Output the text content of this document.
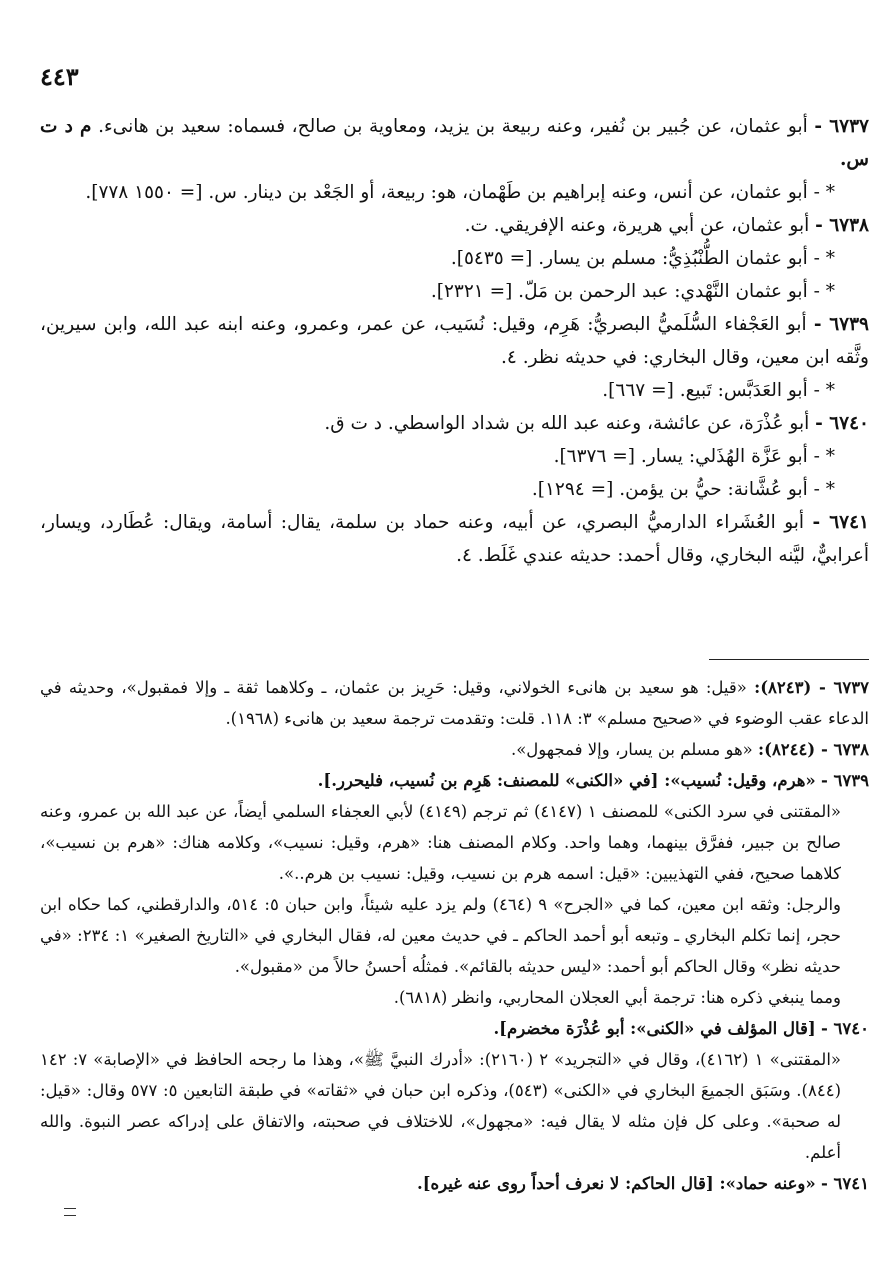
٤٤٣

٦٧٣٧ - أبو عثمان، عن جُبير بن نُفير، وعنه ربيعة بن يزيد، ومعاوية بن صالح، فسماه: سعيد بن هانىء. م د ت س.

* - أبو عثمان، عن أنس، وعنه إبراهيم بن طَهْمان، هو: ربيعة، أو الجَعْد بن دينار. س. [= ١٥٥٠ ٧٧٨].

٦٧٣٨ - أبو عثمان، عن أبي هريرة، وعنه الإفريقي. ت.

* - أبو عثمان الطُّنْبُذِيُّ: مسلم بن يسار. [= ٥٤٣٥].

* - أبو عثمان النَّهْدي: عبد الرحمن بن مَلّ. [= ٢٣٢١].

٦٧٣٩ - أبو العَجْفاء السُّلَميُّ البصريُّ: هَرِم، وقيل: نُسَيب، عن عمر، وعمرو، وعنه ابنه عبد الله، وابن سيرين، وثَّقه ابن معين، وقال البخاري: في حديثه نظر. ٤.

* - أبو العَدَبَّس: تَبيع. [= ٦٦٧].

٦٧٤٠ - أبو عُذْرَة، عن عائشة، وعنه عبد الله بن شداد الواسطي. د ت ق.

* - أبو عَزَّة الهُذَلي: يسار. [= ٦٣٧٦].

* - أبو عُشَّانة: حيُّ بن يؤمن. [= ١٢٩٤].

٦٧٤١ - أبو العُشَراء الدارميُّ البصري، عن أبيه، وعنه حماد بن سلمة، يقال: أسامة، ويقال: عُطَارد، ويسار، أعرابيٌّ، ليَّنه البخاري، وقال أحمد: حديثه عندي غَلَط. ٤.

٦٧٣٧ - (٨٢٤٣): «قيل: هو سعيد بن هانىء الخولاني، وقيل: حَرِيز بن عثمان، ـ وكلاهما ثقة ـ وإلا فمقبول»، وحديثه في الدعاء عقب الوضوء في «صحيح مسلم» ٣: ١١٨. قلت: وتقدمت ترجمة سعيد بن هانىء (١٩٦٨).

٦٧٣٨ - (٨٢٤٤): «هو مسلم بن يسار، وإلا فمجهول».

٦٧٣٩ - «هرم، وقيل: نُسيب»: [في «الكنى» للمصنف: هَرِم بن نُسيب، فليحرر.].

«المقتنى في سرد الكنى» للمصنف ١ (٤١٤٧) ثم ترجم (٤١٤٩) لأبي العجفاء السلمي أيضاً، عن عبد الله بن عمرو، وعنه صالح بن جبير، ففرَّق بينهما، وهما واحد. وكلام المصنف هنا: «هرم، وقيل: نسيب»، وكلامه هناك: «هرم بن نسيب»، كلاهما صحيح، ففي التهذيبين: «قيل: اسمه هرم بن نسيب، وقيل: نسيب بن هرم..».

والرجل: وثقه ابن معين، كما في «الجرح» ٩ (٤٦٤) ولم يزد عليه شيئاً، وابن حبان ٥: ٥١٤، والدارقطني، كما حكاه ابن حجر، إنما تكلم البخاري ـ وتبعه أبو أحمد الحاكم ـ في حديث معين له، فقال البخاري في «التاريخ الصغير» ١: ٢٣٤: «في حديثه نظر» وقال الحاكم أبو أحمد: «ليس حديثه بالقائم». فمثلُه أحسنُ حالاً من «مقبول».

ومما ينبغي ذكره هنا: ترجمة أبي العجلان المحاربي، وانظر (٦٨١٨).

٦٧٤٠ - [قال المؤلف في «الكنى»: أبو عُذْرَة مخضرم].

«المقتنى» ١ (٤١٦٢)، وقال في «التجريد» ٢ (٢١٦٠): «أدرك النبيَّ ﷺ»، وهذا ما رجحه الحافظ في «الإصابة» ٧: ١٤٢ (٨٤٤). وسَبَق الجميعَ البخاري في «الكنى» (٥٤٣)، وذكره ابن حبان في «ثقاته» في طبقة التابعين ٥: ٥٧٧ وقال: «قيل: له صحبة». وعلى كل فإن مثله لا يقال فيه: «مجهول»، للاختلاف في صحبته، والاتفاق على إدراكه عصر النبوة. والله أعلم.

٦٧٤١ - «وعنه حماد»: [قال الحاكم: لا نعرف أحداً روى عنه غيره].
